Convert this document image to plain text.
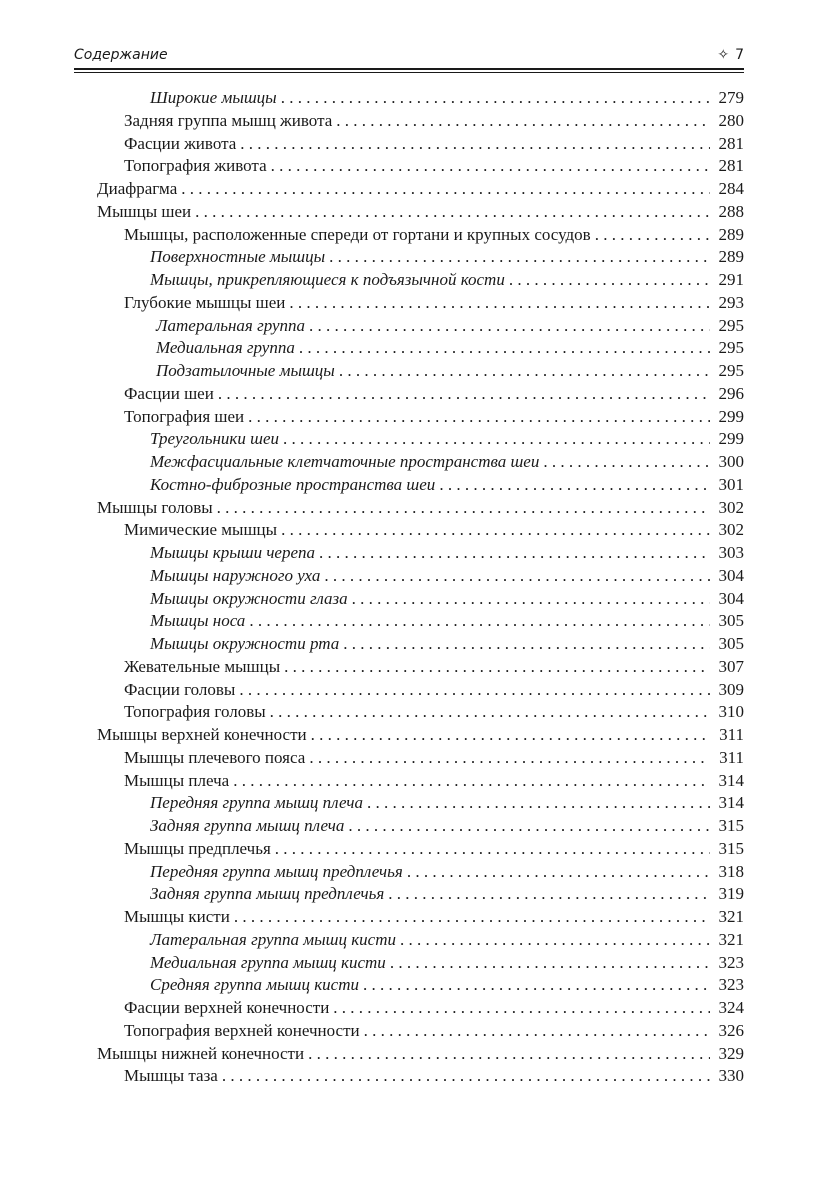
Содержание	✧ 7
Широкие мышцы . . .	279
Задняя группа мышц живота . . .	280
Фасции живота . . .	281
Топография живота . . .	281
Диафрагма . . .	284
Мышцы шеи . . .	288
Мышцы, расположенные спереди от гортани и крупных сосудов . . .	289
Поверхностные мышцы . . .	289
Мышцы, прикрепляющиеся к подъязычной кости . . .	291
Глубокие мышцы шеи . . .	293
Латеральная группа . . .	295
Медиальная группа . . .	295
Подзатылочные мышцы . . .	295
Фасции шеи . . .	296
Топография шеи . . .	299
Треугольники шеи . . .	299
Межфасциальные клетчаточные пространства шеи . . .	300
Костно-фиброзные пространства шеи . . .	301
Мышцы головы . . .	302
Мимические мышцы . . .	302
Мышцы крыши черепа . . .	303
Мышцы наружного уха . . .	304
Мышцы окружности глаза . . .	304
Мышцы носа . . .	305
Мышцы окружности рта . . .	305
Жевательные мышцы . . .	307
Фасции головы . . .	309
Топография головы . . .	310
Мышцы верхней конечности . . .	311
Мышцы плечевого пояса . . .	311
Мышцы плеча . . .	314
Передняя группа мышц плеча . . .	314
Задняя группа мышц плеча . . .	315
Мышцы предплечья . . .	315
Передняя группа мышц предплечья . . .	318
Задняя группа мышц предплечья . . .	319
Мышцы кисти . . .	321
Латеральная группа мышц кисти . . .	321
Медиальная группа мышц кисти . . .	323
Средняя группа мышц кисти . . .	323
Фасции верхней конечности . . .	324
Топография верхней конечности . . .	326
Мышцы нижней конечности . . .	329
Мышцы таза . . .	330
